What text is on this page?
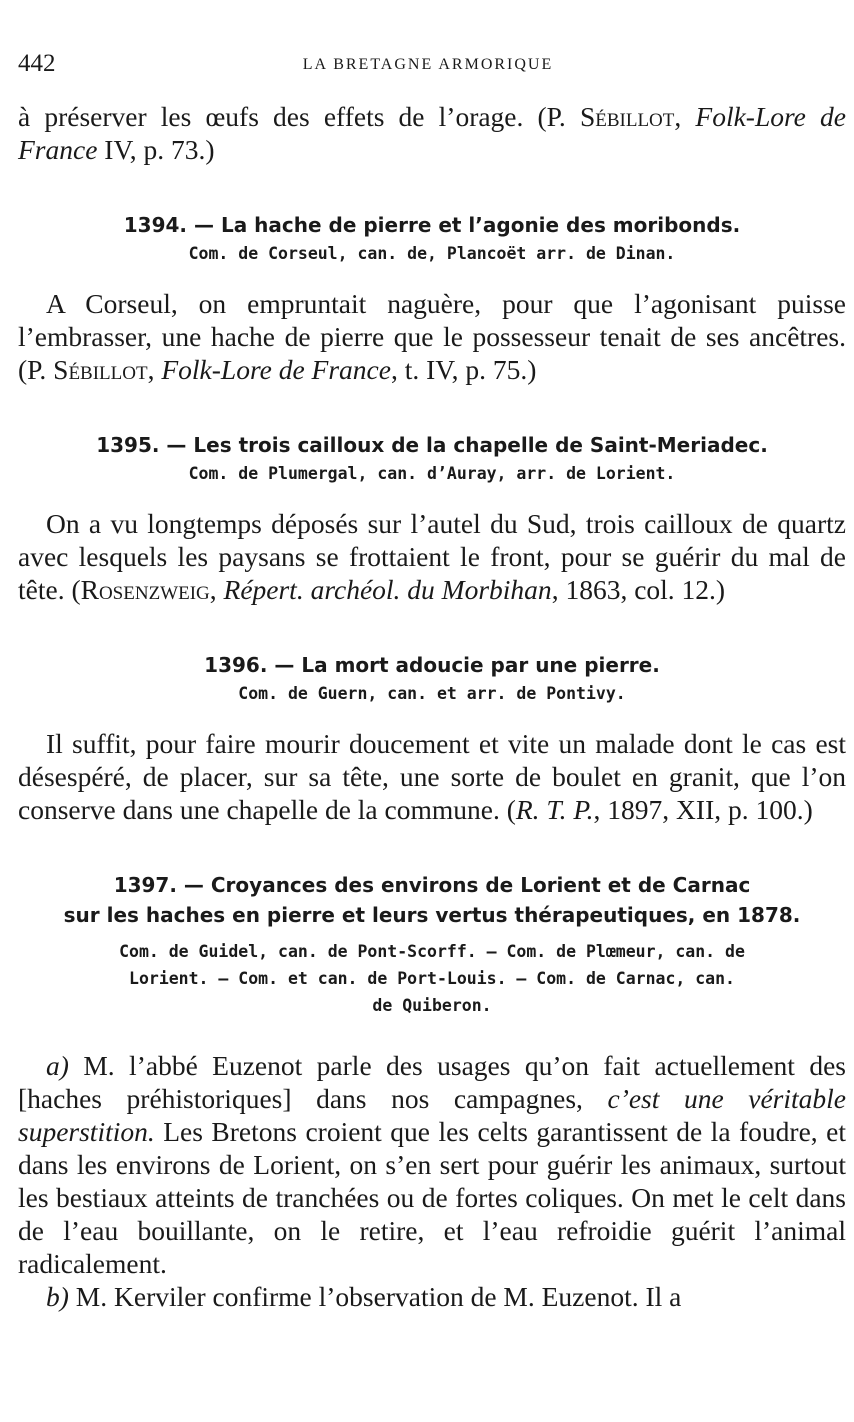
442	LA BRETAGNE ARMORIQUE

à préserver les œufs des effets de l’orage. (P. Sébillot, Folk-Lore de France IV, p. 73.)

1394. — La hache de pierre et l’agonie des moribonds.
Com. de Corseul, can. de, Plancoët arr. de Dinan.

A Corseul, on empruntait naguère, pour que l’agonisant puisse l’embrasser, une hache de pierre que le possesseur tenait de ses ancêtres. (P. Sébillot, Folk-Lore de France, t. IV, p. 75.)

1395. — Les trois cailloux de la chapelle de Saint-Meriadec.
Com. de Plumergal, can. d’Auray, arr. de Lorient.

On a vu longtemps déposés sur l’autel du Sud, trois cailloux de quartz avec lesquels les paysans se frottaient le front, pour se guérir du mal de tête. (Rosenzweig, Répert. archéol. du Morbihan, 1863, col. 12.)

1396. — La mort adoucie par une pierre.
Com. de Guern, can. et arr. de Pontivy.

Il suffit, pour faire mourir doucement et vite un malade dont le cas est désespéré, de placer, sur sa tête, une sorte de boulet en granit, que l’on conserve dans une chapelle de la commune. (R. T. P., 1897, XII, p. 100.)

1397. — Croyances des environs de Lorient et de Carnac
sur les haches en pierre et leurs vertus thérapeutiques, en 1878.
Com. de Guidel, can. de Pont-Scorff. — Com. de Plœmeur, can. de
Lorient. — Com. et can. de Port-Louis. — Com. de Carnac, can.
de Quiberon.

a) M. l’abbé Euzenot parle des usages qu’on fait actuellement des [haches préhistoriques] dans nos campagnes, c’est une véritable superstition. Les Bretons croient que les celts garantissent de la foudre, et dans les environs de Lorient, on s’en sert pour guérir les animaux, surtout les bestiaux atteints de tranchées ou de fortes coliques. On met le celt dans de l’eau bouillante, on le retire, et l’eau refroidie guérit l’animal radicalement.

b) M. Kerviler confirme l’observation de M. Euzenot. Il a
